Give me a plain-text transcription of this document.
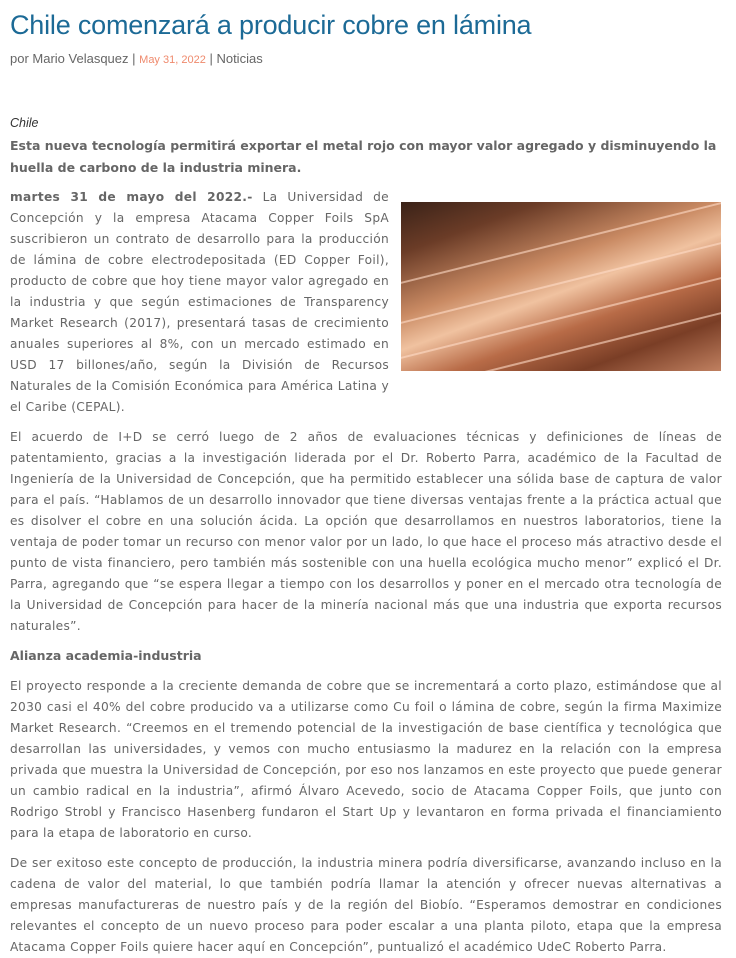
Chile comenzará a producir cobre en lámina
por Mario Velasquez | May 31, 2022 | Noticias
Chile
Esta nueva tecnología permitirá exportar el metal rojo con mayor valor agregado y disminuyendo la huella de carbono de la industria minera.

martes 31 de mayo del 2022.- La Universidad de Concepción y la empresa Atacama Copper Foils SpA suscribieron un contrato de desarrollo para la producción de lámina de cobre electrodepositada (ED Copper Foil), producto de cobre que hoy tiene mayor valor agregado en la industria y que según estimaciones de Transparency Market Research (2017), presentará tasas de crecimiento anuales superiores al 8%, con un mercado estimado en USD 17 billones/año, según la División de Recursos Naturales de la Comisión Económica para América Latina y el Caribe (CEPAL).

El acuerdo de I+D se cerró luego de 2 años de evaluaciones técnicas y definiciones de líneas de patentamiento, gracias a la investigación liderada por el Dr. Roberto Parra, académico de la Facultad de Ingeniería de la Universidad de Concepción, que ha permitido establecer una sólida base de captura de valor para el país. “Hablamos de un desarrollo innovador que tiene diversas ventajas frente a la práctica actual que es disolver el cobre en una solución ácida. La opción que desarrollamos en nuestros laboratorios, tiene la ventaja de poder tomar un recurso con menor valor por un lado, lo que hace el proceso más atractivo desde el punto de vista financiero, pero también más sostenible con una huella ecológica mucho menor” explicó el Dr. Parra, agregando que “se espera llegar a tiempo con los desarrollos y poner en el mercado otra tecnología de la Universidad de Concepción para hacer de la minería nacional más que una industria que exporta recursos naturales”.

Alianza academia-industria

El proyecto responde a la creciente demanda de cobre que se incrementará a corto plazo, estimándose que al 2030 casi el 40% del cobre producido va a utilizarse como Cu foil o lámina de cobre, según la firma Maximize Market Research. “Creemos en el tremendo potencial de la investigación de base científica y tecnológica que desarrollan las universidades, y vemos con mucho entusiasmo la madurez en la relación con la empresa privada que muestra la Universidad de Concepción, por eso nos lanzamos en este proyecto que puede generar un cambio radical en la industria”, afirmó Álvaro Acevedo, socio de Atacama Copper Foils, que junto con Rodrigo Strobl y Francisco Hasenberg fundaron el Start Up y levantaron en forma privada el financiamiento para la etapa de laboratorio en curso.

De ser exitoso este concepto de producción, la industria minera podría diversificarse, avanzando incluso en la cadena de valor del material, lo que también podría llamar la atención y ofrecer nuevas alternativas a empresas manufactureras de nuestro país y de la región del Biobío. “Esperamos demostrar en condiciones relevantes el concepto de un nuevo proceso para poder escalar a una planta piloto, etapa que la empresa Atacama Copper Foils quiere hacer aquí en Concepción”, puntualizó el académico UdeC Roberto Parra.
